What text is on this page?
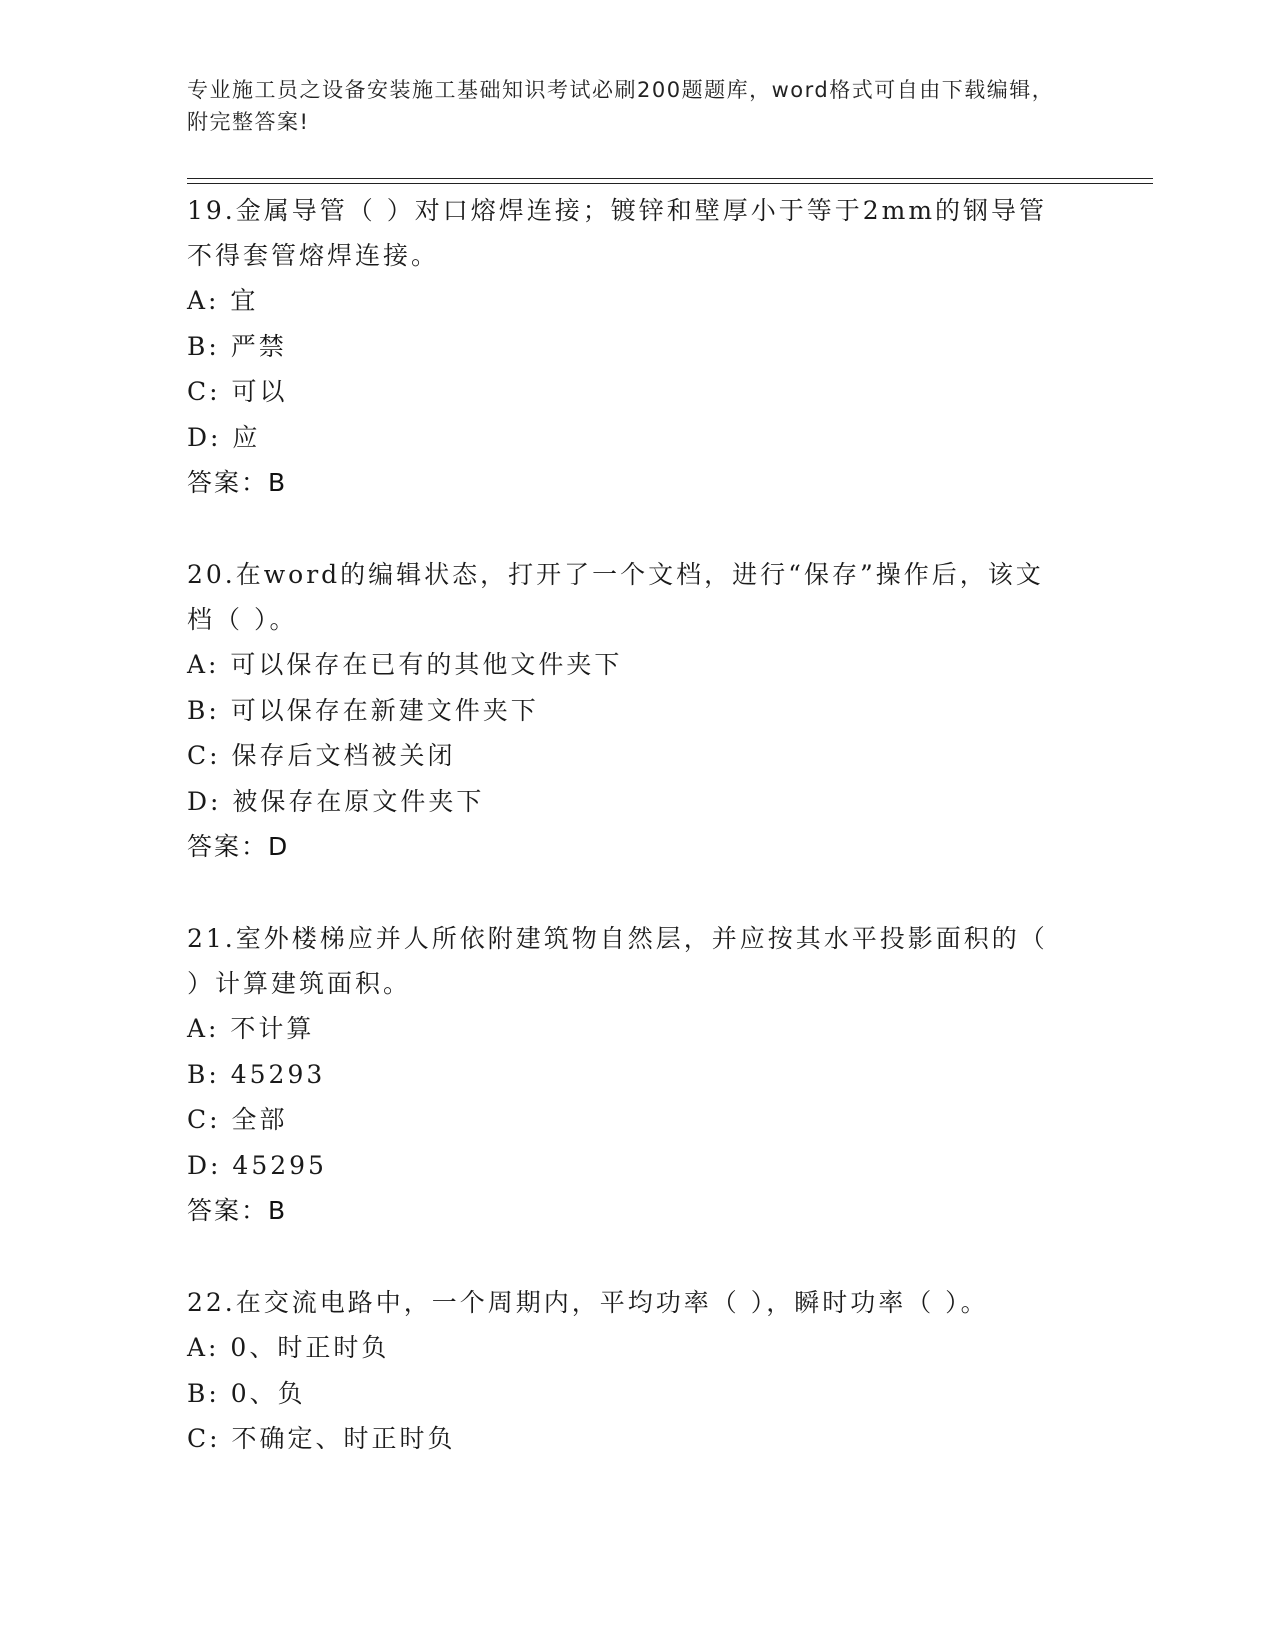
专业施工员之设备安装施工基础知识考试必刷200题题库，word格式可自由下载编辑，附完整答案!

19.金属导管（ ）对口熔焊连接；镀锌和壁厚小于等于2mm的钢导管不得套管熔焊连接。

A: 宜

B: 严禁

C: 可以

D: 应

答案：B

20.在word的编辑状态，打开了一个文档，进行“保存”操作后，该文档（ ）。

A: 可以保存在已有的其他文件夹下

B: 可以保存在新建文件夹下

C: 保存后文档被关闭

D: 被保存在原文件夹下

答案：D

21.室外楼梯应并人所依附建筑物自然层，并应按其水平投影面积的（ ）计算建筑面积。

A: 不计算

B: 45293

C: 全部

D: 45295

答案：B

22.在交流电路中，一个周期内，平均功率（ ），瞬时功率（ ）。

A: 0、时正时负

B: 0、负

C: 不确定、时正时负
